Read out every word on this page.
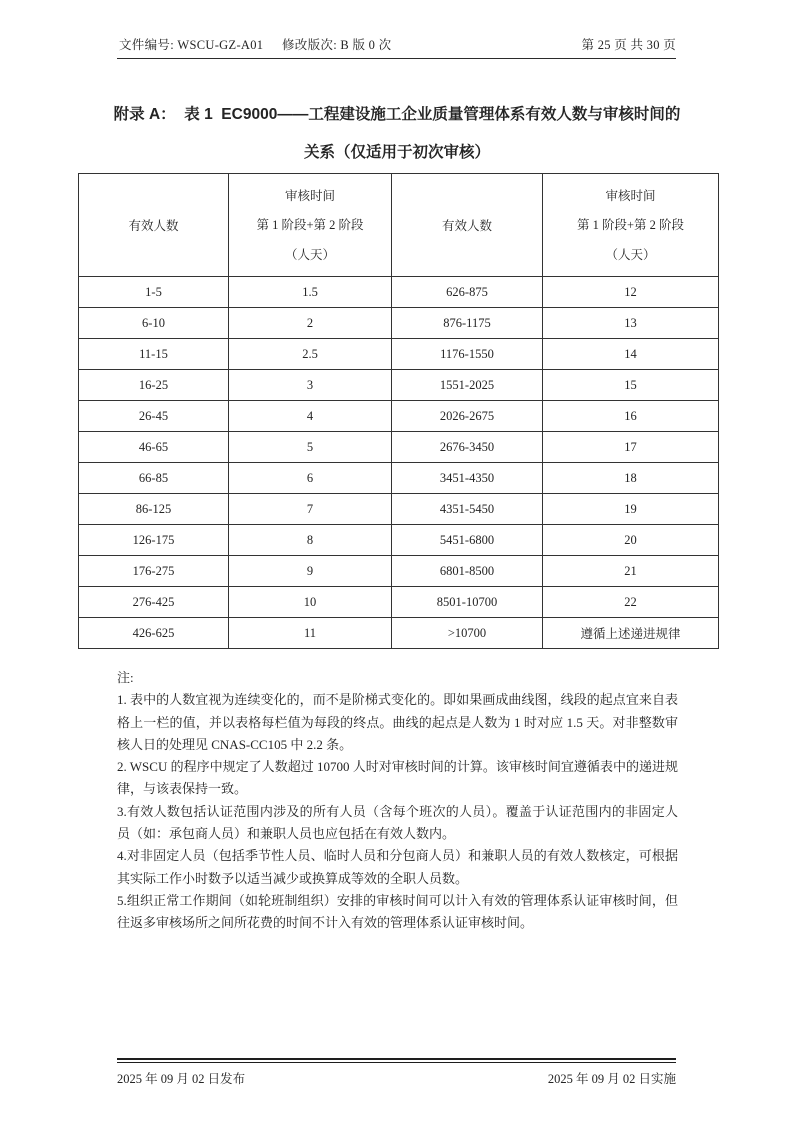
文件编号: WSCU-GZ-A01 修改版次: B 版 0 次	第 25 页 共 30 页
附录 A：  表 1  EC9000——工程建设施工企业质量管理体系有效人数与审核时间的关系（仅适用于初次审核）
有效人数	审核时间
第 1 阶段+第 2 阶段
（人天）	有效人数	审核时间
第 1 阶段+第 2 阶段
（人天）

1-5	1.5	626-875	12
6-10	2	876-1175	13
11-15	2.5	1176-1550	14
16-25	3	1551-2025	15
26-45	4	2026-2675	16
46-65	5	2676-3450	17
66-85	6	3451-4350	18
86-125	7	4351-5450	19
126-175	8	5451-6800	20
176-275	9	6801-8500	21
276-425	10	8501-10700	22
426-625	11	>10700	遵循上述递进规律

注:

1. 表中的人数宜视为连续变化的，而不是阶梯式变化的。即如果画成曲线图，线段的起点宜来自表格上一栏的值，并以表格每栏值为每段的终点。曲线的起点是人数为 1 时对应 1.5 天。对非整数审核人日的处理见 CNAS-CC105 中 2.2 条。

2. WSCU 的程序中规定了人数超过 10700 人时对审核时间的计算。该审核时间宜遵循表中的递进规律，与该表保持一致。

3.有效人数包括认证范围内涉及的所有人员（含每个班次的人员）。覆盖于认证范围内的非固定人员（如：承包商人员）和兼职人员也应包括在有效人数内。

4.对非固定人员（包括季节性人员、临时人员和分包商人员）和兼职人员的有效人数核定，可根据其实际工作小时数予以适当减少或换算成等效的全职人员数。

5.组织正常工作期间（如轮班制组织）安排的审核时间可以计入有效的管理体系认证审核时间，但往返多审核场所之间所花费的时间不计入有效的管理体系认证审核时间。

2025 年 09 月 02 日发布	2025 年 09 月 02 日实施
